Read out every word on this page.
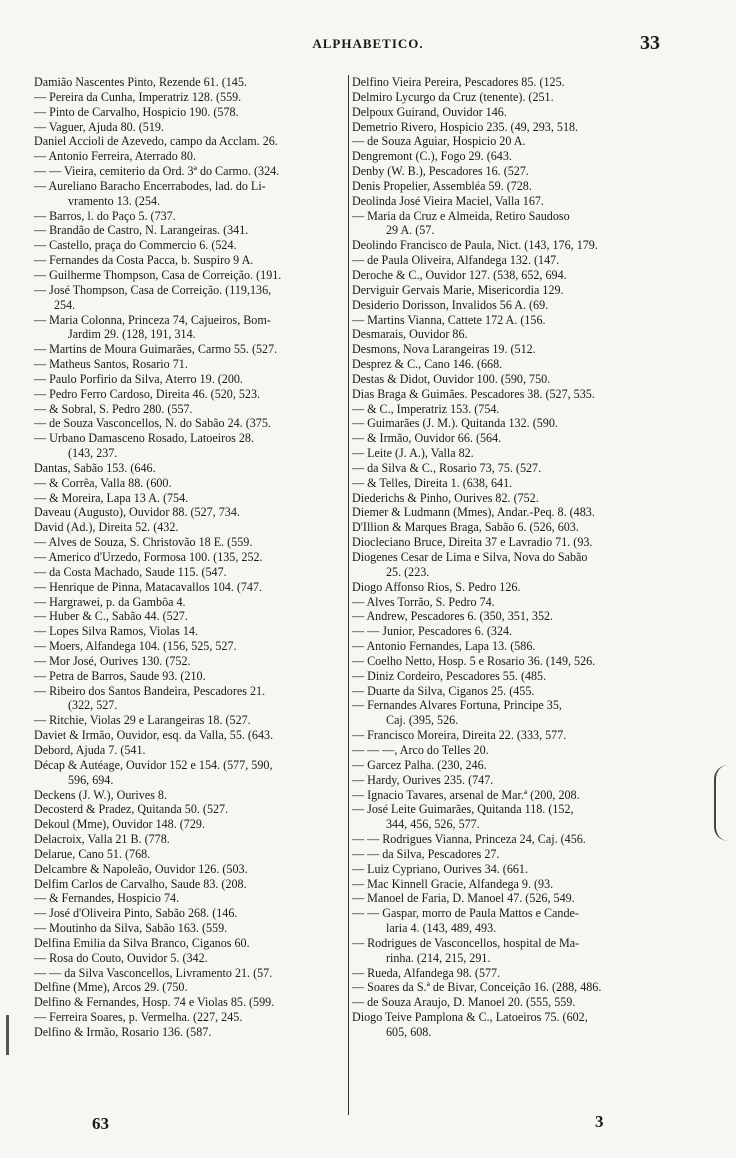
ALPHABETICO.	33
Damião Nascentes Pinto, Rezende 61. (145.
— Pereira da Cunha, Imperatriz 128. (559.
— Pinto de Carvalho, Hospicio 190. (578.
— Vaguer, Ajuda 80. (519.
Daniel Accioli de Azevedo, campo da Acclam. 26.
— Antonio Ferreira, Aterrado 80.
— — Vieira, cemiterio da Ord. 3ª do Carmo. (324.
— Aureliano Baracho Encerrabodes, lad. do Li-
vramento 13. (254.
— Barros, l. do Paço 5. (737.
— Brandão de Castro, N. Larangeiras. (341.
— Castello, praça do Commercio 6. (524.
— Fernandes da Costa Pacca, b. Suspiro 9 A.
— Guilherme Thompson, Casa de Correição. (191.
— José Thompson, Casa de Correição. (119,136,
254.
— Maria Colonna, Princeza 74, Cajueiros, Bom-
Jardim 29. (128, 191, 314.
— Martins de Moura Guimarães, Carmo 55. (527.
— Matheus Santos, Rosario 71.
— Paulo Porfirio da Silva, Aterro 19. (200.
— Pedro Ferro Cardoso, Direita 46. (520, 523.
— & Sobral, S. Pedro 280. (557.
— de Souza Vasconcellos, N. do Sabão 24. (375.
— Urbano Damasceno Rosado, Latoeiros 28.
(143, 237.
Dantas, Sabão 153. (646.
— & Corrêa, Valla 88. (600.
— & Moreira, Lapa 13 A. (754.
Daveau (Augusto), Ouvidor 88. (527, 734.
David (Ad.), Direita 52. (432.
— Alves de Souza, S. Christovão 18 E. (559.
— Americo d'Urzedo, Formosa 100. (135, 252.
— da Costa Machado, Saude 115. (547.
— Henrique de Pinna, Matacavallos 104. (747.
— Hargrawei, p. da Gambôa 4.
— Huber & C., Sabão 44. (527.
— Lopes Silva Ramos, Violas 14.
— Moers, Alfandega 104. (156, 525, 527.
— Mor José, Ourives 130. (752.
— Petra de Barros, Saude 93. (210.
— Ribeiro dos Santos Bandeira, Pescadores 21.
(322, 527.
— Ritchie, Violas 29 e Larangeiras 18. (527.
Daviet & Irmão, Ouvidor, esq. da Valla, 55. (643.
Debord, Ajuda 7. (541.
Décap & Autéage, Ouvidor 152 e 154. (577, 590,
596, 694.
Deckens (J. W.), Ourives 8.
Decosterd & Pradez, Quitanda 50. (527.
Dekoul (Mme), Ouvidor 148. (729.
Delacroix, Valla 21 B. (778.
Delarue, Cano 51. (768.
Delcambre & Napoleão, Ouvidor 126. (503.
Delfim Carlos de Carvalho, Saude 83. (208.
— & Fernandes, Hospicio 74.
— José d'Oliveira Pinto, Sabão 268. (146.
— Moutinho da Silva, Sabão 163. (559.
Delfina Emilia da Silva Branco, Ciganos 60.
— Rosa do Couto, Ouvidor 5. (342.
— — da Silva Vasconcellos, Livramento 21. (57.
Delfine (Mme), Arcos 29. (750.
Delfino & Fernandes, Hosp. 74 e Violas 85. (599.
— Ferreira Soares, p. Vermelha. (227, 245.
Delfino & Irmão, Rosario 136. (587.
Delfino Vieira Pereira, Pescadores 85. (125.
Delmiro Lycurgo da Cruz (tenente). (251.
Delpoux Guirand, Ouvidor 146.
Demetrio Rivero, Hospicio 235. (49, 293, 518.
— de Souza Aguiar, Hospicio 20 A.
Dengremont (C.), Fogo 29. (643.
Denby (W. B.), Pescadores 16. (527.
Denis Propelier, Assembléa 59. (728.
Deolinda José Vieira Maciel, Valla 167.
— Maria da Cruz e Almeida, Retiro Saudoso
29 A. (57.
Deolindo Francisco de Paula, Nict. (143, 176, 179.
— de Paula Oliveira, Alfandega 132. (147.
Deroche & C., Ouvidor 127. (538, 652, 694.
Derviguir Gervais Marie, Misericordia 129.
Desiderio Dorisson, Invalidos 56 A. (69.
— Martins Vianna, Cattete 172 A. (156.
Desmarais, Ouvidor 86.
Desmons, Nova Larangeiras 19. (512.
Desprez & C., Cano 146. (668.
Destas & Didot, Ouvidor 100. (590, 750.
Dias Braga & Guimães. Pescadores 38. (527, 535.
— & C., Imperatriz 153. (754.
— Guimarães (J. M.). Quitanda 132. (590.
— & Irmão, Ouvidor 66. (564.
— Leite (J. A.), Valla 82.
— da Silva & C., Rosario 73, 75. (527.
— & Telles, Direita 1. (638, 641.
Diederichs & Pinho, Ourives 82. (752.
Diemer & Ludmann (Mmes), Andar.-Peq. 8. (483.
D'Illion & Marques Braga, Sabão 6. (526, 603.
Diocleciano Bruce, Direita 37 e Lavradio 71. (93.
Diogenes Cesar de Lima e Silva, Nova do Sabão
25. (223.
Diogo Affonso Rios, S. Pedro 126.
— Alves Torrão, S. Pedro 74.
— Andrew, Pescadores 6. (350, 351, 352.
— — Junior, Pescadores 6. (324.
— Antonio Fernandes, Lapa 13. (586.
— Coelho Netto, Hosp. 5 e Rosario 36. (149, 526.
— Diniz Cordeiro, Pescadores 55. (485.
— Duarte da Silva, Ciganos 25. (455.
— Fernandes Alvares Fortuna, Principe 35,
Caj. (395, 526.
— Francisco Moreira, Direita 22. (333, 577.
— — —, Arco do Telles 20.
— Garcez Palha. (230, 246.
— Hardy, Ourives 235. (747.
— Ignacio Tavares, arsenal de Mar.ª (200, 208.
— José Leite Guimarães, Quitanda 118. (152,
344, 456, 526, 577.
— — Rodrigues Vianna, Princeza 24, Caj. (456.
— — da Silva, Pescadores 27.
— Luiz Cypriano, Ourives 34. (661.
— Mac Kinnell Gracie, Alfandega 9. (93.
— Manoel de Faria, D. Manoel 47. (526, 549.
— — Gaspar, morro de Paula Mattos e Cande-
laria 4. (143, 489, 493.
— Rodrigues de Vasconcellos, hospital de Ma-
rinha. (214, 215, 291.
— Rueda, Alfandega 98. (577.
— Soares da S.ª de Bivar, Conceição 16. (288, 486.
— de Souza Araujo, D. Manoel 20. (555, 559.
Diogo Teive Pamplona & C., Latoeiros 75. (602,
605, 608.
63	3
